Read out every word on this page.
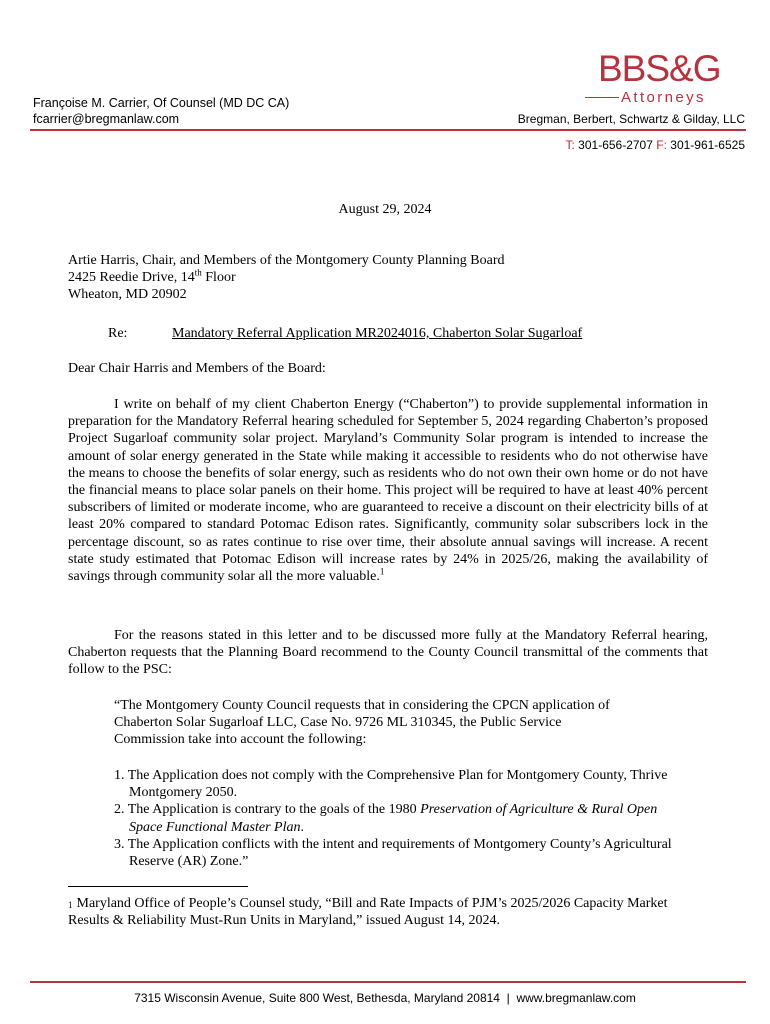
BBS&G
Attorneys
Françoise M. Carrier, Of Counsel (MD DC CA)
fcarrier@bregmanlaw.com	Bregman, Berbert, Schwartz & Gilday, LLC
T: 301-656-2707 F: 301-961-6525
August 29, 2024
Artie Harris, Chair, and Members of the Montgomery County Planning Board
2425 Reedie Drive, 14th Floor
Wheaton, MD 20902
Re:	Mandatory Referral Application MR2024016, Chaberton Solar Sugarloaf
Dear Chair Harris and Members of the Board:

I write on behalf of my client Chaberton Energy (“Chaberton”) to provide supplemental information in preparation for the Mandatory Referral hearing scheduled for September 5, 2024 regarding Chaberton’s proposed Project Sugarloaf community solar project. Maryland’s Community Solar program is intended to increase the amount of solar energy generated in the State while making it accessible to residents who do not otherwise have the means to choose the benefits of solar energy, such as residents who do not own their own home or do not have the financial means to place solar panels on their home. This project will be required to have at least 40% percent subscribers of limited or moderate income, who are guaranteed to receive a discount on their electricity bills of at least 20% compared to standard Potomac Edison rates. Significantly, community solar subscribers lock in the percentage discount, so as rates continue to rise over time, their absolute annual savings will increase. A recent state study estimated that Potomac Edison will increase rates by 24% in 2025/26, making the availability of savings through community solar all the more valuable.$^1$

For the reasons stated in this letter and to be discussed more fully at the Mandatory Referral hearing, Chaberton requests that the Planning Board recommend to the County Council transmittal of the comments that follow to the PSC:

“The Montgomery County Council requests that in considering the CPCN application of Chaberton Solar Sugarloaf LLC, Case No. 9726 ML 310345, the Public Service Commission take into account the following:

1. The Application does not comply with the Comprehensive Plan for Montgomery County, Thrive Montgomery 2050.
2. The Application is contrary to the goals of the 1980 Preservation of Agriculture & Rural Open Space Functional Master Plan.
3. The Application conflicts with the intent and requirements of Montgomery County’s Agricultural Reserve (AR) Zone.”
$^1$ Maryland Office of People’s Counsel study, “Bill and Rate Impacts of PJM’s 2025/2026 Capacity Market Results & Reliability Must-Run Units in Maryland,” issued August 14, 2024.
7315 Wisconsin Avenue, Suite 800 West, Bethesda, Maryland 20814 | www.bregmanlaw.com
